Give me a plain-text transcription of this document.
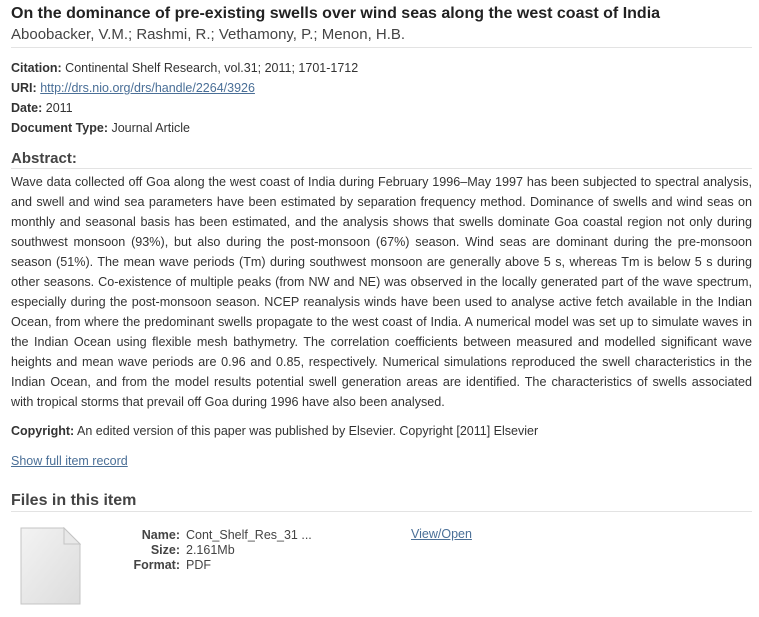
On the dominance of pre-existing swells over wind seas along the west coast of India
Aboobacker, V.M.; Rashmi, R.; Vethamony, P.; Menon, H.B.
Citation: Continental Shelf Research, vol.31; 2011; 1701-1712
URI: http://drs.nio.org/drs/handle/2264/3926
Date: 2011
Document Type: Journal Article
Abstract:
Wave data collected off Goa along the west coast of India during February 1996–May 1997 has been subjected to spectral analysis, and swell and wind sea parameters have been estimated by separation frequency method. Dominance of swells and wind seas on monthly and seasonal basis has been estimated, and the analysis shows that swells dominate Goa coastal region not only during southwest monsoon (93%), but also during the post-monsoon (67%) season. Wind seas are dominant during the pre-monsoon season (51%). The mean wave periods (Tm) during southwest monsoon are generally above 5 s, whereas Tm is below 5 s during other seasons. Co-existence of multiple peaks (from NW and NE) was observed in the locally generated part of the wave spectrum, especially during the post-monsoon season. NCEP reanalysis winds have been used to analyse active fetch available in the Indian Ocean, from where the predominant swells propagate to the west coast of India. A numerical model was set up to simulate waves in the Indian Ocean using flexible mesh bathymetry. The correlation coefficients between measured and modelled significant wave heights and mean wave periods are 0.96 and 0.85, respectively. Numerical simulations reproduced the swell characteristics in the Indian Ocean, and from the model results potential swell generation areas are identified. The characteristics of swells associated with tropical storms that prevail off Goa during 1996 have also been analysed.
Copyright: An edited version of this paper was published by Elsevier. Copyright [2011] Elsevier
Show full item record
Files in this item
Name: Cont_Shelf_Res_31 ...
Size: 2.161Mb
Format: PDF
View/Open
